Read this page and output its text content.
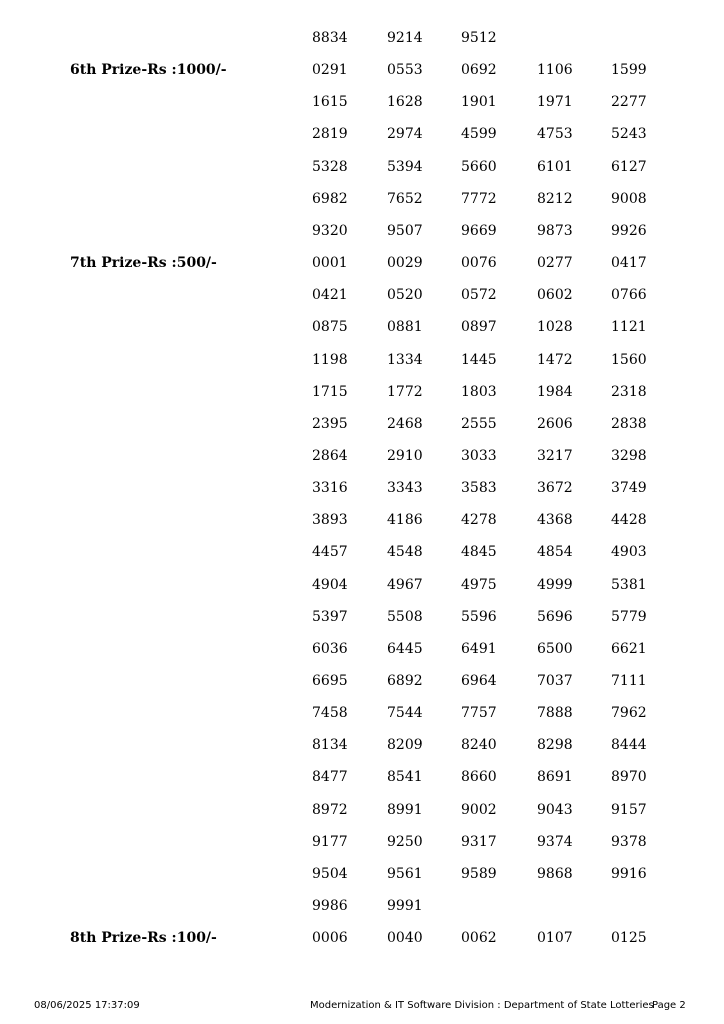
8834	9214	9512
6th Prize-Rs :1000/-	0291	0553	0692	1106	1599
1615	1628	1901	1971	2277
2819	2974	4599	4753	5243
5328	5394	5660	6101	6127
6982	7652	7772	8212	9008
9320	9507	9669	9873	9926
7th Prize-Rs :500/-	0001	0029	0076	0277	0417
0421	0520	0572	0602	0766
0875	0881	0897	1028	1121
1198	1334	1445	1472	1560
1715	1772	1803	1984	2318
2395	2468	2555	2606	2838
2864	2910	3033	3217	3298
3316	3343	3583	3672	3749
3893	4186	4278	4368	4428
4457	4548	4845	4854	4903
4904	4967	4975	4999	5381
5397	5508	5596	5696	5779
6036	6445	6491	6500	6621
6695	6892	6964	7037	7111
7458	7544	7757	7888	7962
8134	8209	8240	8298	8444
8477	8541	8660	8691	8970
8972	8991	9002	9043	9157
9177	9250	9317	9374	9378
9504	9561	9589	9868	9916
9986	9991
8th Prize-Rs :100/-	0006	0040	0062	0107	0125
08/06/2025 17:37:09	Modernization & IT Software Division : Department of State Lotteries
Page 2
